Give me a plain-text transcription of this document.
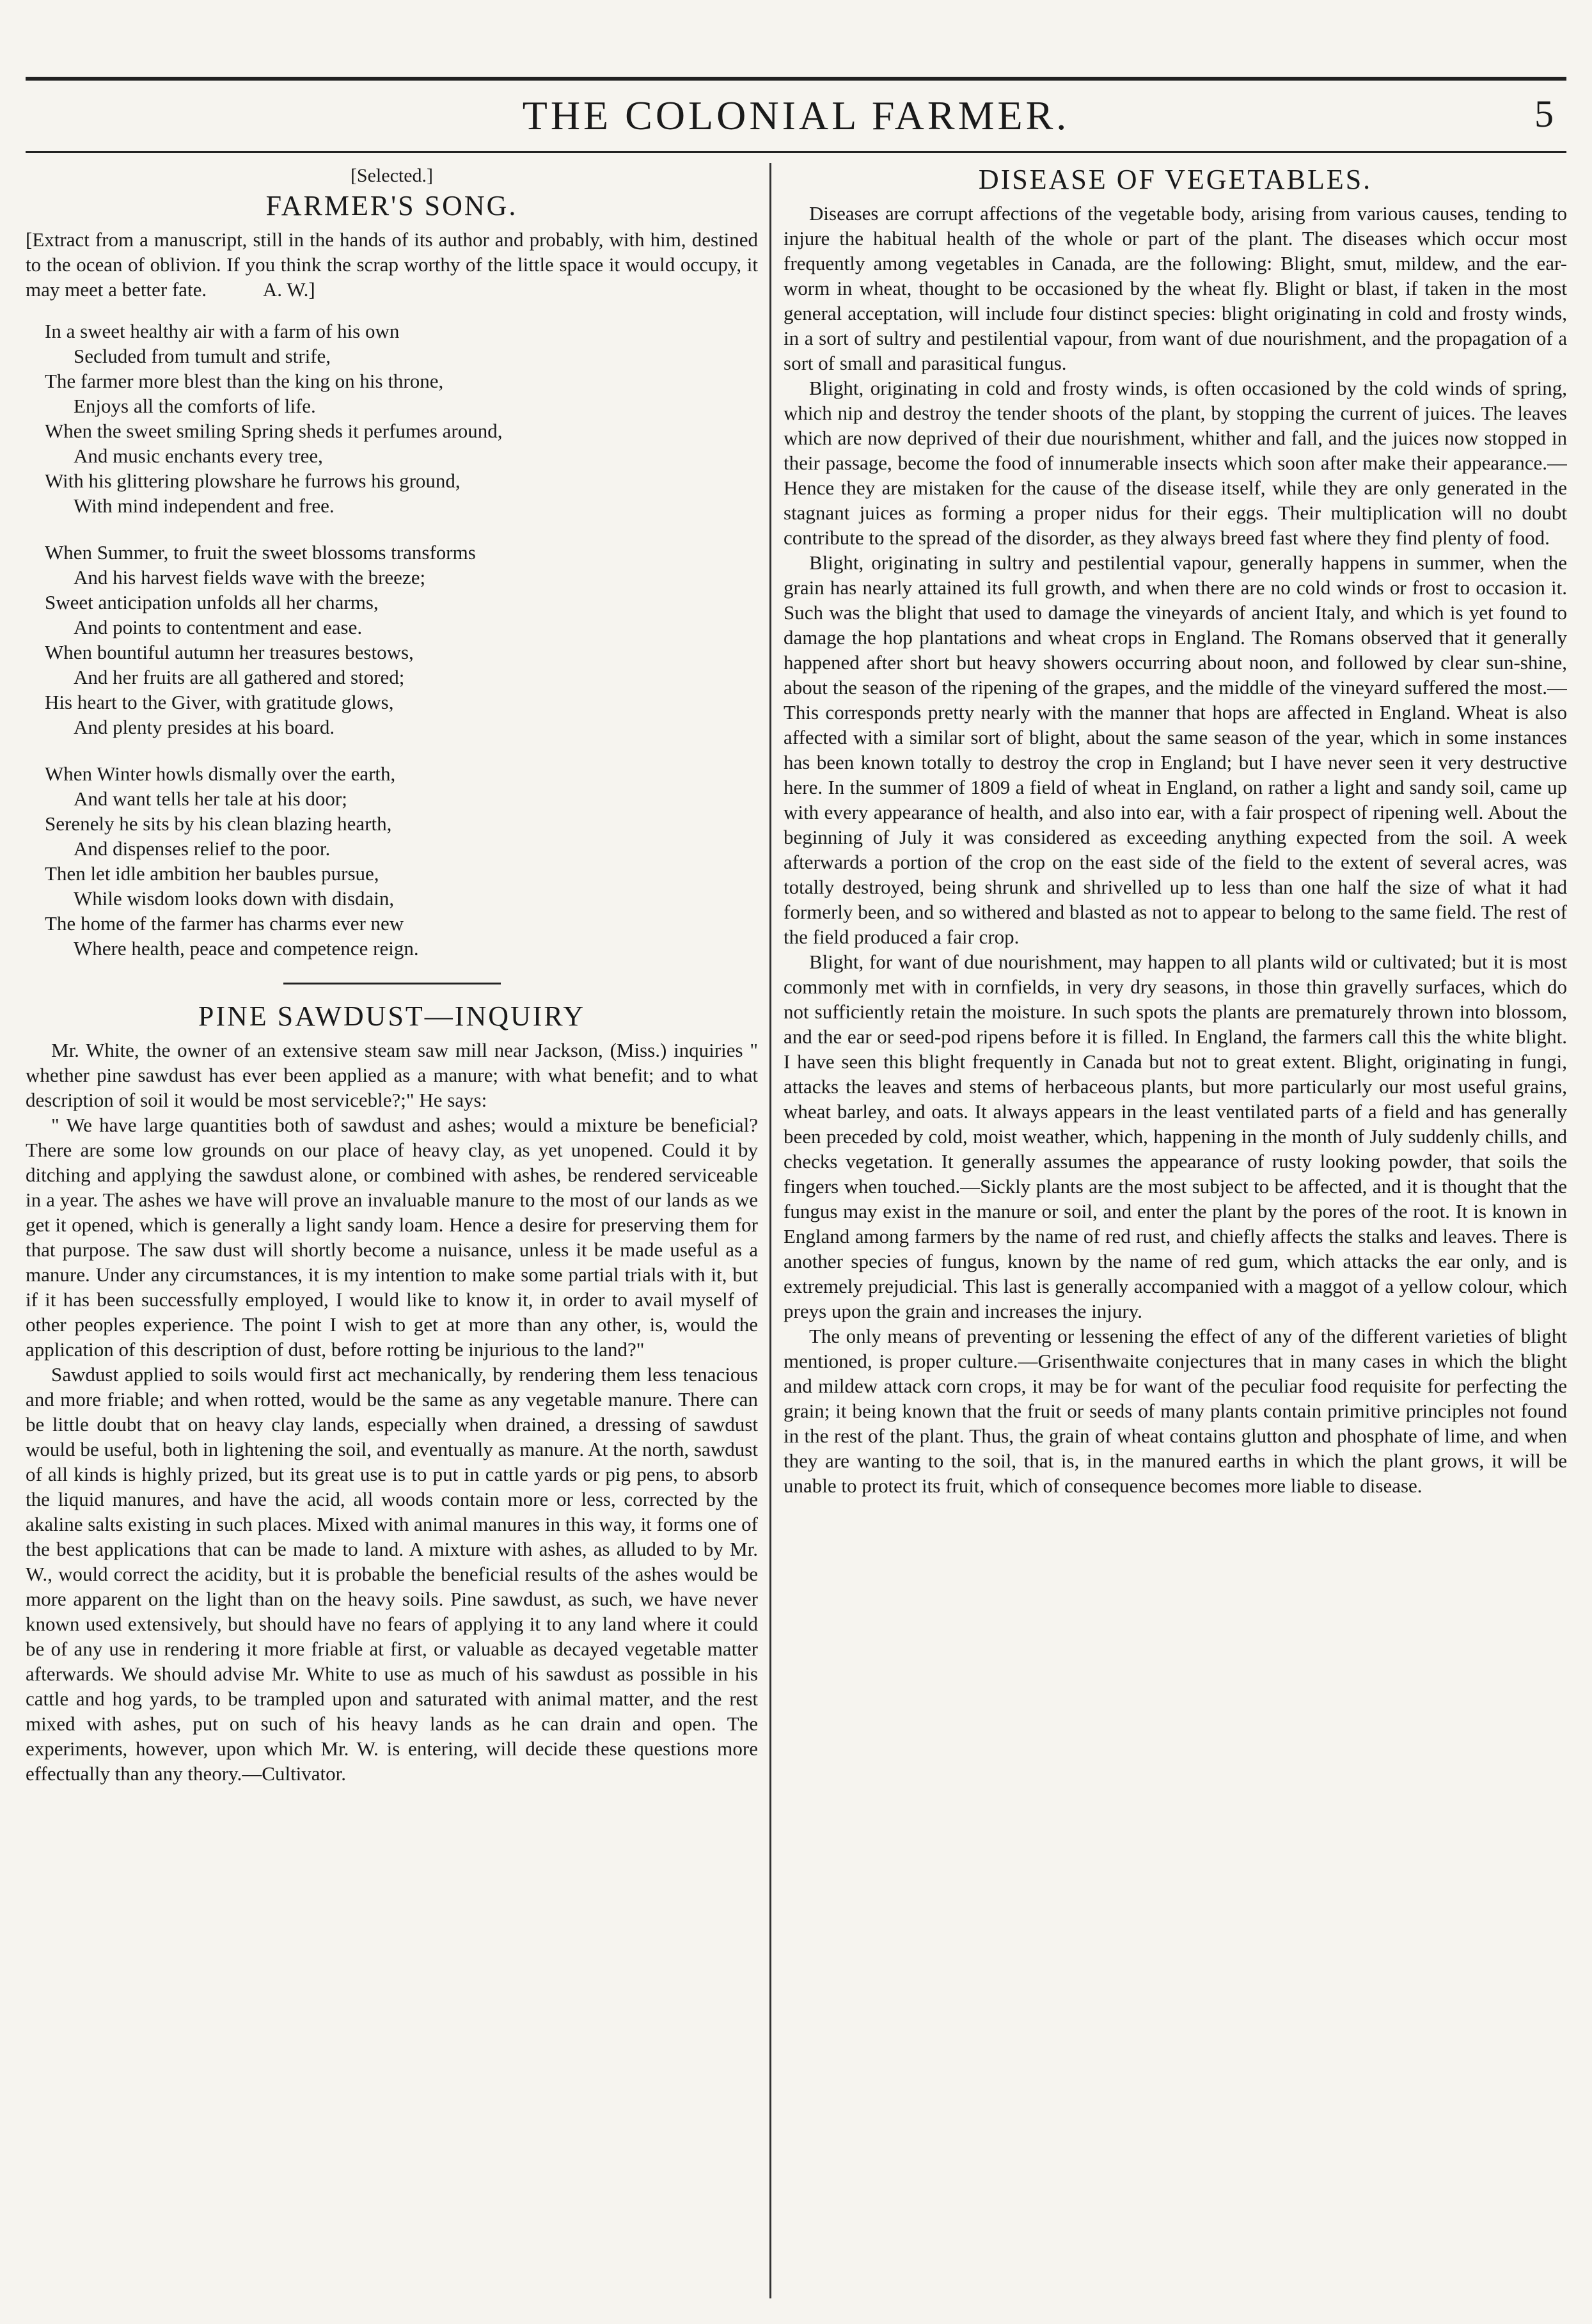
THE COLONIAL FARMER.	5
[Selected.]
FARMER'S SONG.
[Extract from a manuscript, still in the hands of its author and probably, with him, destined to the ocean of oblivion. If you think the scrap worthy of the little space it would occupy, it may meet a better fate.	A. W.]
In a sweet healthy air with a farm of his own
Secluded from tumult and strife,
The farmer more blest than the king on his throne,
Enjoys all the comforts of life.
When the sweet smiling Spring sheds it perfumes around,
And music enchants every tree,
With his glittering plowshare he furrows his ground,
With mind independent and free.
When Summer, to fruit the sweet blossoms transforms
And his harvest fields wave with the breeze;
Sweet anticipation unfolds all her charms,
And points to contentment and ease.
When bountiful autumn her treasures bestows,
And her fruits are all gathered and stored;
His heart to the Giver, with gratitude glows,
And plenty presides at his board.
When Winter howls dismally over the earth,
And want tells her tale at his door;
Serenely he sits by his clean blazing hearth,
And dispenses relief to the poor.
Then let idle ambition her baubles pursue,
While wisdom looks down with disdain,
The home of the farmer has charms ever new
Where health, peace and competence reign.
PINE SAWDUST—INQUIRY

Mr. White, the owner of an extensive steam saw mill near Jackson, (Miss.) inquiries " whether pine sawdust has ever been applied as a manure; with what benefit; and to what description of soil it would be most serviceble?;" He says:

" We have large quantities both of sawdust and ashes; would a mixture be beneficial? There are some low grounds on our place of heavy clay, as yet unopened. Could it by ditching and applying the sawdust alone, or combined with ashes, be rendered serviceable in a year. The ashes we have will prove an invaluable manure to the most of our lands as we get it opened, which is generally a light sandy loam. Hence a desire for preserving them for that purpose. The saw dust will shortly become a nuisance, unless it be made useful as a manure. Under any circumstances, it is my intention to make some partial trials with it, but if it has been successfully employed, I would like to know it, in order to avail myself of other peoples experience. The point I wish to get at more than any other, is, would the application of this description of dust, before rotting be injurious to the land?"

Sawdust applied to soils would first act mechanically, by rendering them less tenacious and more friable; and when rotted, would be the same as any vegetable manure. There can be little doubt that on heavy clay lands, especially when drained, a dressing of sawdust would be useful, both in lightening the soil, and eventually as manure. At the north, sawdust of all kinds is highly prized, but its great use is to put in cattle yards or pig pens, to absorb the liquid manures, and have the acid, all woods contain more or less, corrected by the akaline salts existing in such places. Mixed with animal manures in this way, it forms one of the best applications that can be made to land. A mixture with ashes, as alluded to by Mr. W., would correct the acidity, but it is probable the beneficial results of the ashes would be more apparent on the light than on the heavy soils. Pine sawdust, as such, we have never known used extensively, but should have no fears of applying it to any land where it could be of any use in rendering it more friable at first, or valuable as decayed vegetable matter afterwards. We should advise Mr. White to use as much of his sawdust as possible in his cattle and hog yards, to be trampled upon and saturated with animal matter, and the rest mixed with ashes, put on such of his heavy lands as he can drain and open. The experiments, however, upon which Mr. W. is entering, will decide these questions more effectually than any theory.—Cultivator.

DISEASE OF VEGETABLES.

Diseases are corrupt affections of the vegetable body, arising from various causes, tending to injure the habitual health of the whole or part of the plant. The diseases which occur most frequently among vegetables in Canada, are the following: Blight, smut, mildew, and the ear-worm in wheat, thought to be occasioned by the wheat fly. Blight or blast, if taken in the most general acceptation, will include four distinct species: blight originating in cold and frosty winds, in a sort of sultry and pestilential vapour, from want of due nourishment, and the propagation of a sort of small and parasitical fungus.

Blight, originating in cold and frosty winds, is often occasioned by the cold winds of spring, which nip and destroy the tender shoots of the plant, by stopping the current of juices. The leaves which are now deprived of their due nourishment, whither and fall, and the juices now stopped in their passage, become the food of innumerable insects which soon after make their appearance.—Hence they are mistaken for the cause of the disease itself, while they are only generated in the stagnant juices as forming a proper nidus for their eggs. Their multiplication will no doubt contribute to the spread of the disorder, as they always breed fast where they find plenty of food.

Blight, originating in sultry and pestilential vapour, generally happens in summer, when the grain has nearly attained its full growth, and when there are no cold winds or frost to occasion it. Such was the blight that used to damage the vineyards of ancient Italy, and which is yet found to damage the hop plantations and wheat crops in England. The Romans observed that it generally happened after short but heavy showers occurring about noon, and followed by clear sun-shine, about the season of the ripening of the grapes, and the middle of the vineyard suffered the most.—This corresponds pretty nearly with the manner that hops are affected in England. Wheat is also affected with a similar sort of blight, about the same season of the year, which in some instances has been known totally to destroy the crop in England; but I have never seen it very destructive here. In the summer of 1809 a field of wheat in England, on rather a light and sandy soil, came up with every appearance of health, and also into ear, with a fair prospect of ripening well. About the beginning of July it was considered as exceeding anything expected from the soil. A week afterwards a portion of the crop on the east side of the field to the extent of several acres, was totally destroyed, being shrunk and shrivelled up to less than one half the size of what it had formerly been, and so withered and blasted as not to appear to belong to the same field. The rest of the field produced a fair crop.

Blight, for want of due nourishment, may happen to all plants wild or cultivated; but it is most commonly met with in cornfields, in very dry seasons, in those thin gravelly surfaces, which do not sufficiently retain the moisture. In such spots the plants are prematurely thrown into blossom, and the ear or seed-pod ripens before it is filled. In England, the farmers call this the white blight. I have seen this blight frequently in Canada but not to great extent. Blight, originating in fungi, attacks the leaves and stems of herbaceous plants, but more particularly our most useful grains, wheat barley, and oats. It always appears in the least ventilated parts of a field and has generally been preceded by cold, moist weather, which, happening in the month of July suddenly chills, and checks vegetation. It generally assumes the appearance of rusty looking powder, that soils the fingers when touched.—Sickly plants are the most subject to be affected, and it is thought that the fungus may exist in the manure or soil, and enter the plant by the pores of the root. It is known in England among farmers by the name of red rust, and chiefly affects the stalks and leaves. There is another species of fungus, known by the name of red gum, which attacks the ear only, and is extremely prejudicial. This last is generally accompanied with a maggot of a yellow colour, which preys upon the grain and increases the injury.

The only means of preventing or lessening the effect of any of the different varieties of blight mentioned, is proper culture.—Grisenthwaite conjectures that in many cases in which the blight and mildew attack corn crops, it may be for want of the peculiar food requisite for perfecting the grain; it being known that the fruit or seeds of many plants contain primitive principles not found in the rest of the plant. Thus, the grain of wheat contains glutton and phosphate of lime, and when they are wanting to the soil, that is, in the manured earths in which the plant grows, it will be unable to protect its fruit, which of consequence becomes more liable to disease.
